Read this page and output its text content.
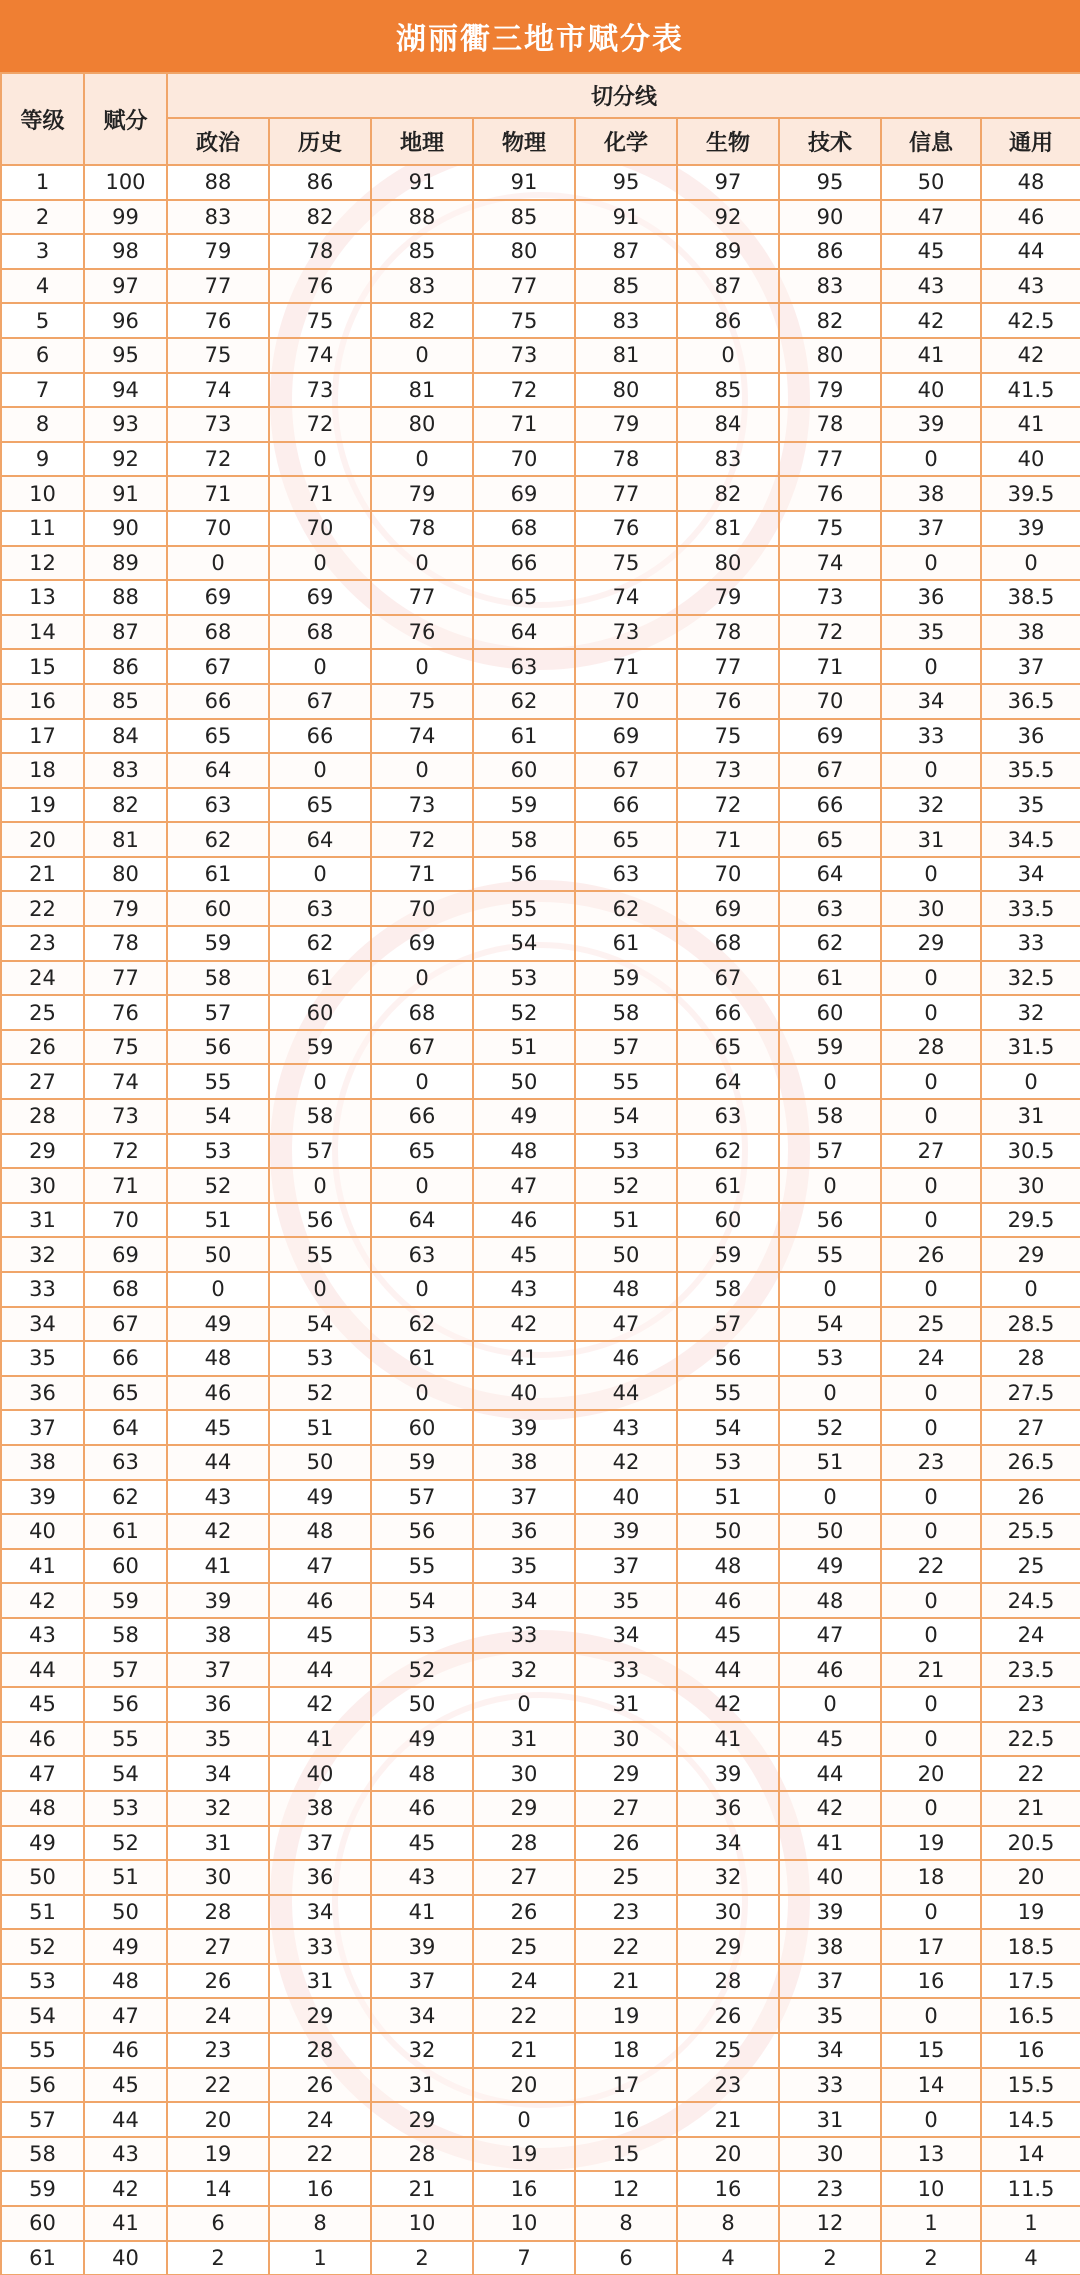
湖丽衢三地市赋分表
等级	赋分	切分线								
		政治	历史	地理	物理	化学	生物	技术	信息	通用
1	100	88	86	91	91	95	97	95	50	48
2	99	83	82	88	85	91	92	90	47	46
3	98	79	78	85	80	87	89	86	45	44
4	97	77	76	83	77	85	87	83	43	43
5	96	76	75	82	75	83	86	82	42	42.5
6	95	75	74	0	73	81	0	80	41	42
7	94	74	73	81	72	80	85	79	40	41.5
8	93	73	72	80	71	79	84	78	39	41
9	92	72	0	0	70	78	83	77	0	40
10	91	71	71	79	69	77	82	76	38	39.5
11	90	70	70	78	68	76	81	75	37	39
12	89	0	0	0	66	75	80	74	0	0
13	88	69	69	77	65	74	79	73	36	38.5
14	87	68	68	76	64	73	78	72	35	38
15	86	67	0	0	63	71	77	71	0	37
16	85	66	67	75	62	70	76	70	34	36.5
17	84	65	66	74	61	69	75	69	33	36
18	83	64	0	0	60	67	73	67	0	35.5
19	82	63	65	73	59	66	72	66	32	35
20	81	62	64	72	58	65	71	65	31	34.5
21	80	61	0	71	56	63	70	64	0	34
22	79	60	63	70	55	62	69	63	30	33.5
23	78	59	62	69	54	61	68	62	29	33
24	77	58	61	0	53	59	67	61	0	32.5
25	76	57	60	68	52	58	66	60	0	32
26	75	56	59	67	51	57	65	59	28	31.5
27	74	55	0	0	50	55	64	0	0	0
28	73	54	58	66	49	54	63	58	0	31
29	72	53	57	65	48	53	62	57	27	30.5
30	71	52	0	0	47	52	61	0	0	30
31	70	51	56	64	46	51	60	56	0	29.5
32	69	50	55	63	45	50	59	55	26	29
33	68	0	0	0	43	48	58	0	0	0
34	67	49	54	62	42	47	57	54	25	28.5
35	66	48	53	61	41	46	56	53	24	28
36	65	46	52	0	40	44	55	0	0	27.5
37	64	45	51	60	39	43	54	52	0	27
38	63	44	50	59	38	42	53	51	23	26.5
39	62	43	49	57	37	40	51	0	0	26
40	61	42	48	56	36	39	50	50	0	25.5
41	60	41	47	55	35	37	48	49	22	25
42	59	39	46	54	34	35	46	48	0	24.5
43	58	38	45	53	33	34	45	47	0	24
44	57	37	44	52	32	33	44	46	21	23.5
45	56	36	42	50	0	31	42	0	0	23
46	55	35	41	49	31	30	41	45	0	22.5
47	54	34	40	48	30	29	39	44	20	22
48	53	32	38	46	29	27	36	42	0	21
49	52	31	37	45	28	26	34	41	19	20.5
50	51	30	36	43	27	25	32	40	18	20
51	50	28	34	41	26	23	30	39	0	19
52	49	27	33	39	25	22	29	38	17	18.5
53	48	26	31	37	24	21	28	37	16	17.5
54	47	24	29	34	22	19	26	35	0	16.5
55	46	23	28	32	21	18	25	34	15	16
56	45	22	26	31	20	17	23	33	14	15.5
57	44	20	24	29	0	16	21	31	0	14.5
58	43	19	22	28	19	15	20	30	13	14
59	42	14	16	21	16	12	16	23	10	11.5
60	41	6	8	10	10	8	8	12	1	1
61	40	2	1	2	7	6	4	2	2	4
